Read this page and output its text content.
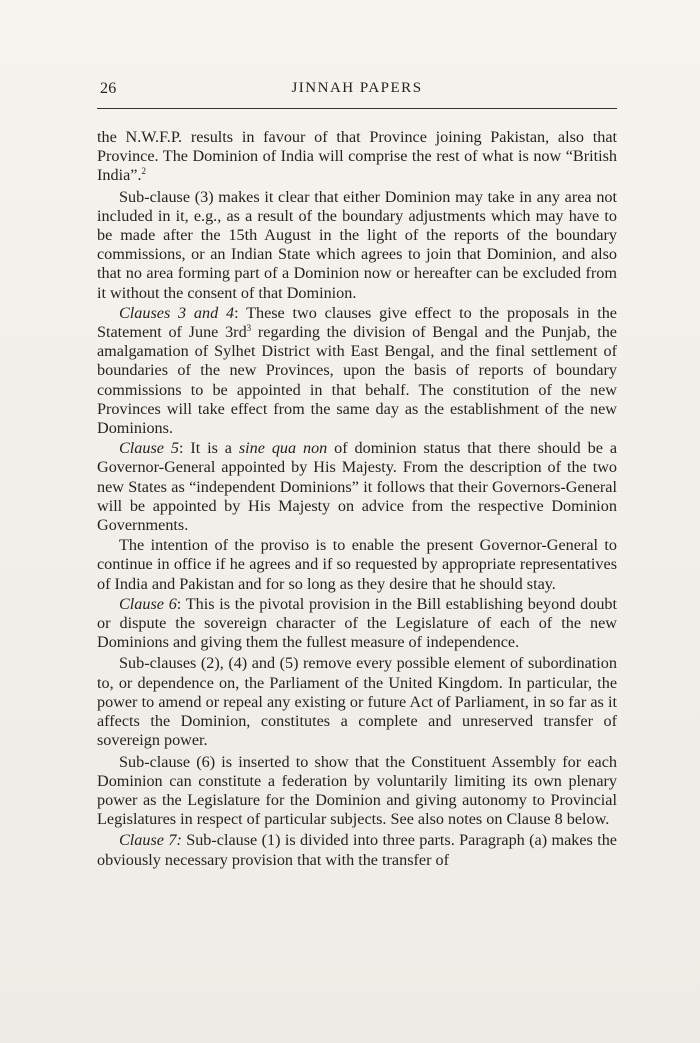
26	JINNAH PAPERS

the N.W.F.P. results in favour of that Province joining Pakistan, also that Province. The Dominion of India will comprise the rest of what is now “British India”.$^2$

Sub-clause (3) makes it clear that either Dominion may take in any area not included in it, e.g., as a result of the boundary adjustments which may have to be made after the 15th August in the light of the reports of the boundary commissions, or an Indian State which agrees to join that Dominion, and also that no area forming part of a Dominion now or hereafter can be excluded from it without the consent of that Dominion.

Clauses 3 and 4: These two clauses give effect to the proposals in the Statement of June $3rd^3$ regarding the division of Bengal and the Punjab, the amalgamation of Sylhet District with East Bengal, and the final settlement of boundaries of the new Provinces, upon the basis of reports of boundary commissions to be appointed in that behalf. The constitution of the new Provinces will take effect from the same day as the establishment of the new Dominions.

Clause 5: It is a sine qua non of dominion status that there should be a Governor-General appointed by His Majesty. From the description of the two new States as “independent Dominions” it follows that their Governors-General will be appointed by His Majesty on advice from the respective Dominion Governments.

The intention of the proviso is to enable the present Governor-General to continue in office if he agrees and if so requested by appropriate representatives of India and Pakistan and for so long as they desire that he should stay.

Clause 6: This is the pivotal provision in the Bill establishing beyond doubt or dispute the sovereign character of the Legislature of each of the new Dominions and giving them the fullest measure of independence.

Sub-clauses (2), (4) and (5) remove every possible element of subordination to, or dependence on, the Parliament of the United Kingdom. In particular, the power to amend or repeal any existing or future Act of Parliament, in so far as it affects the Dominion, constitutes a complete and unreserved transfer of sovereign power.

Sub-clause (6) is inserted to show that the Constituent Assembly for each Dominion can constitute a federation by voluntarily limiting its own plenary power as the Legislature for the Dominion and giving autonomy to Provincial Legislatures in respect of particular subjects. See also notes on Clause 8 below.

Clause 7: Sub-clause (1) is divided into three parts. Paragraph (a) makes the obviously necessary provision that with the transfer of
